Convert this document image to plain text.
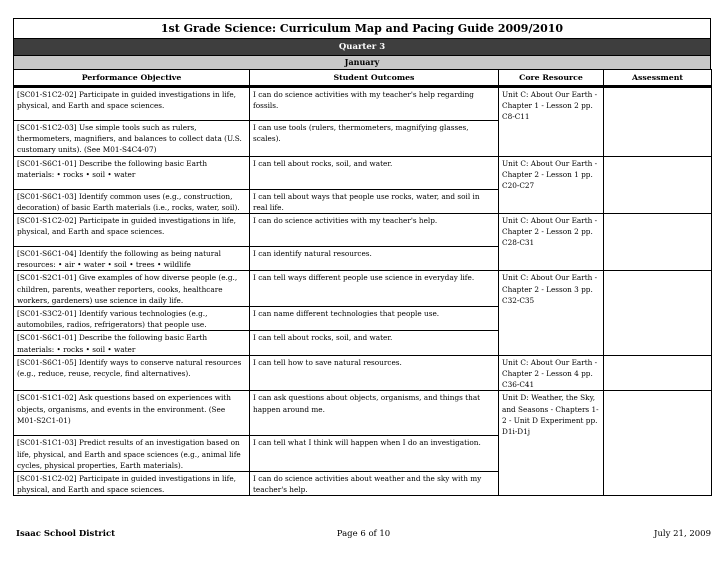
1st Grade Science: Curriculum Map and Pacing Guide 2009/2010
Quarter 3
January
Performance Objective	Student Outcomes	Core Resource	Assessment

[SC01-S1C2-02] Participate in guided investigations in life, physical, and Earth and space sciences.	I can do science activities with my teacher's help regarding fossils.	Unit C: About Our Earth - Chapter 1 - Lesson 2 pp. C8-C11	
[SC01-S1C2-03] Use simple tools such as rulers, thermometers, magnifiers, and balances to collect data (U.S. customary units). (See M01-S4C4-07)	I can use tools (rulers, thermometers, magnifying glasses, scales).		
[SC01-S6C1-01] Describe the following basic Earth materials: • rocks • soil • water	I can tell about rocks, soil, and water.	Unit C: About Our Earth - Chapter 2 - Lesson 1 pp. C20-C27	
[SC01-S6C1-03] Identify common uses (e.g., construction, decoration) of basic Earth materials (i.e., rocks, water, soil).	I can tell about ways that people use rocks, water, and soil in real life.		
[SC01-S1C2-02] Participate in guided investigations in life, physical, and Earth and space sciences.	I can do science activities with my teacher's help.	Unit C: About Our Earth - Chapter 2 - Lesson 2 pp. C28-C31	
[SC01-S6C1-04] Identify the following as being natural resources: • air • water • soil • trees • wildlife	I can identify natural resources.		
[SC01-S2C1-01] Give examples of how diverse people (e.g., children, parents, weather reporters, cooks, healthcare workers, gardeners) use science in daily life.	I can tell ways different people use science in everyday life.	Unit C: About Our Earth - Chapter 2 - Lesson 3 pp. C32-C35	
[SC01-S3C2-01] Identify various technologies (e.g., automobiles, radios, refrigerators) that people use.	I can name different technologies that people use.		
[SC01-S6C1-01] Describe the following basic Earth materials: • rocks • soil • water	I can tell about rocks, soil, and water.		
[SC01-S6C1-05] Identify ways to conserve natural resources (e.g., reduce, reuse, recycle, find alternatives).	I can tell how to save natural resources.	Unit C: About Our Earth - Chapter 2 - Lesson 4 pp. C36-C41	
[SC01-S1C1-02] Ask questions based on experiences with objects, organisms, and events in the environment. (See M01-S2C1-01)	I can ask questions about objects, organisms, and things that happen around me.	Unit D: Weather, the Sky, and Seasons - Chapters 1-2 - Unit D Experiment pp. D1i-D1j	
[SC01-S1C1-03] Predict results of an investigation based on life, physical, and Earth and space sciences (e.g., animal life cycles, physical properties, Earth materials).	I can tell what I think will happen when I do an investigation.		
[SC01-S1C2-02] Participate in guided investigations in life, physical, and Earth and space sciences.	I can do science activities about weather and the sky with my teacher's help.		
Isaac School District	Page 6 of 10	July 21, 2009
